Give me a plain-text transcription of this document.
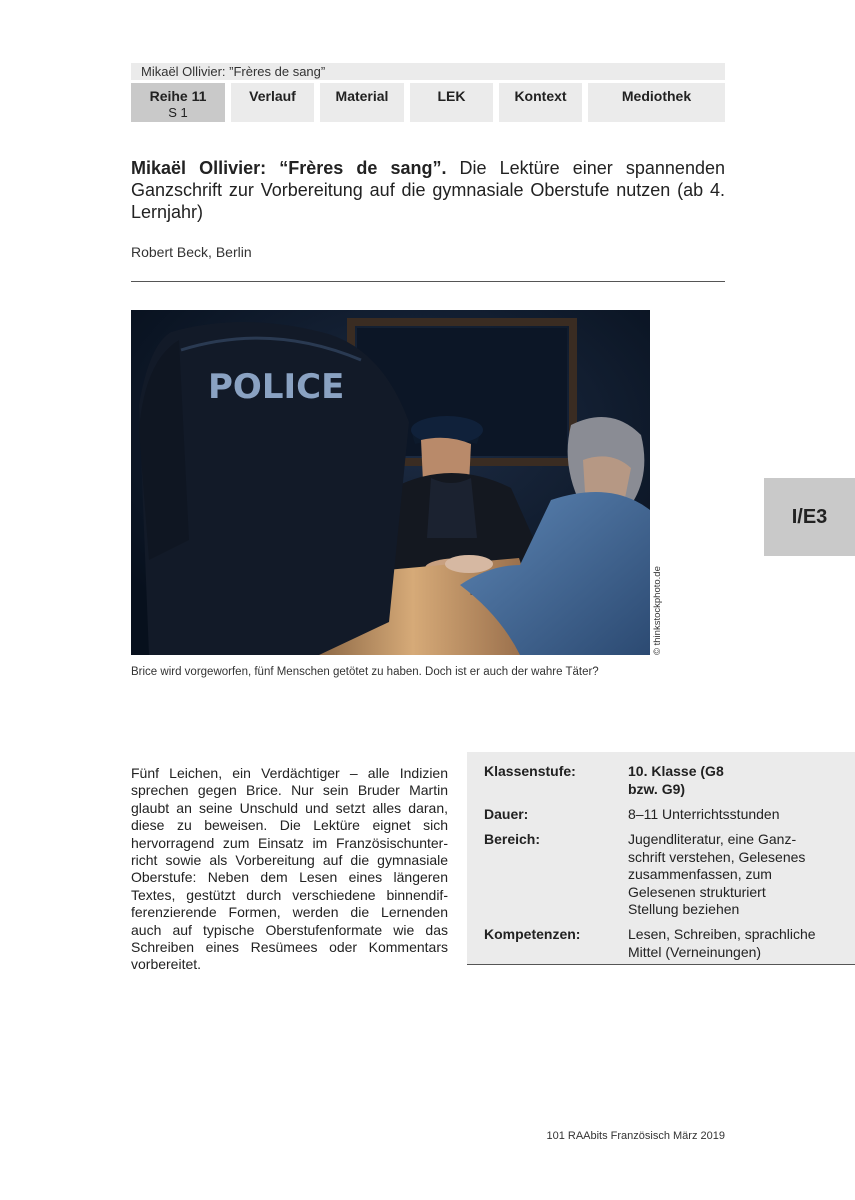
Mikaël Ollivier: ”Frères de sang”
Reihe 11
S 1
Verlauf	Material	LEK	Kontext	Mediothek
Mikaël Ollivier: “Frères de sang”. Die Lektüre einer spannenden Ganzschrift zur Vorbereitung auf die gymnasiale Oberstufe nutzen (ab 4. Lernjahr)
Robert Beck, Berlin
POLICE
© thinkstockphoto.de
Brice wird vorgeworfen, fünf Menschen getötet zu haben. Doch ist er auch der wahre Täter?
I/E3
Fünf Leichen, ein Verdächtiger – alle Indizien sprechen gegen Brice. Nur sein Bruder Martin glaubt an seine Unschuld und setzt alles daran, diese zu beweisen. Die Lektüre eignet sich hervorragend zum Einsatz im Französischunterricht sowie als Vorbereitung auf die gymnasiale Oberstufe: Neben dem Lesen eines längeren Textes, gestützt durch verschiedene binnendifferenzierende Formen, werden die Lernenden auch auf typische Oberstufenformate wie das Schreiben eines Resümees oder Kommentars vorbereitet.
Klassenstufe:	10. Klasse (G8 bzw. G9)
Dauer:	8–11 Unterrichtsstunden
Bereich:	Jugendliteratur, eine Ganzschrift verstehen, Gelesenes zusammenfassen, zum Gelesenen strukturiert Stellung beziehen
Kompetenzen:	Lesen, Schreiben, sprachliche Mittel (Verneinungen)
101 RAAbits Französisch März 2019
